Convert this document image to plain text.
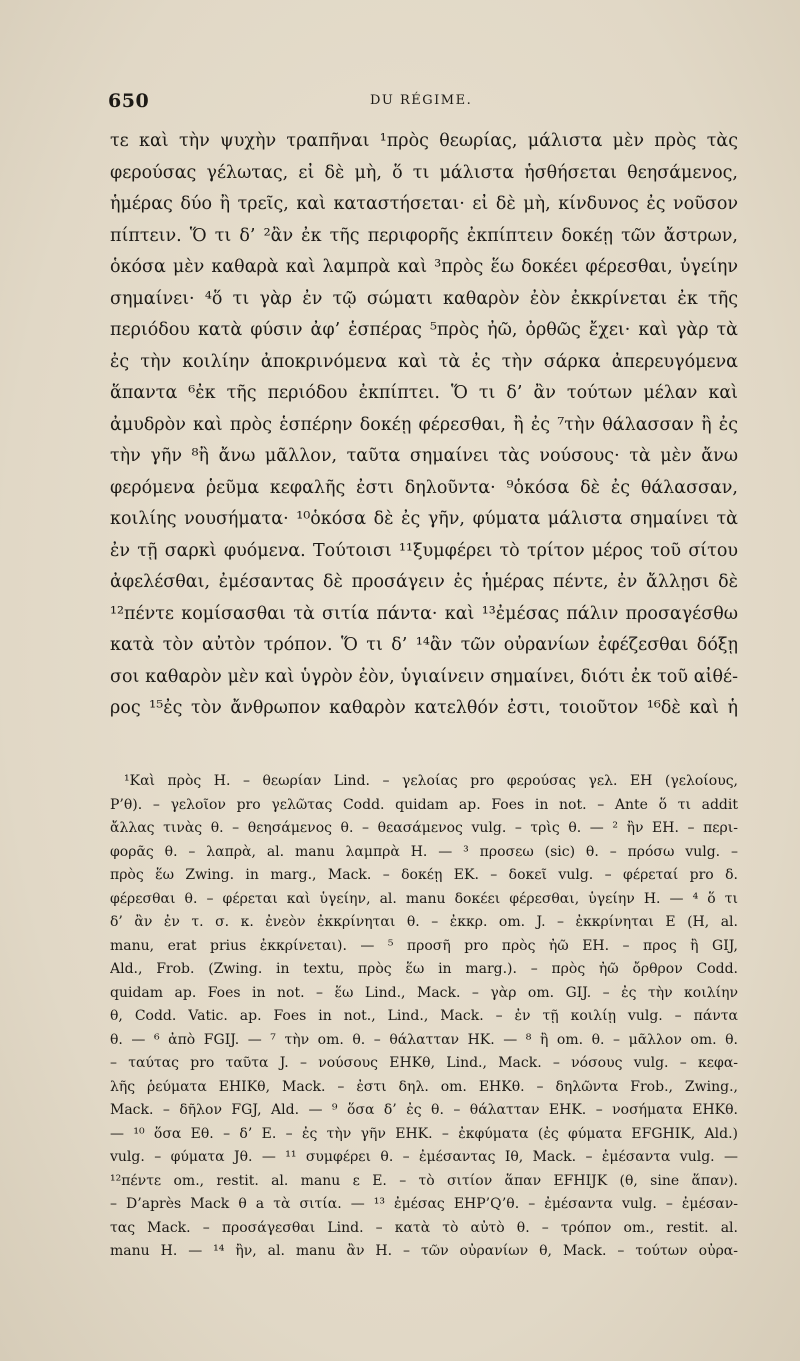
650	DU RÉGIME.
τε καὶ τὴν ψυχὴν τραπῆναι ¹πρὸς θεωρίας, μάλιστα μὲν πρὸς τὰς
φερούσας γέλωτας, εἰ δὲ μὴ, ὅ τι μάλιστα ἡσθήσεται θεησάμενος,
ἡμέρας δύο ἢ τρεῖς, καὶ καταστήσεται· εἰ δὲ μὴ, κίνδυνος ἐς νοῦσον
πίπτειν. Ὅ τι δ’ ²ἂν ἐκ τῆς περιφορῆς ἐκπίπτειν δοκέῃ τῶν ἄστρων,
ὁκόσα μὲν καθαρὰ καὶ λαμπρὰ καὶ ³πρὸς ἕω δοκέει φέρεσθαι, ὑγείην
σημαίνει· ⁴ὅ τι γὰρ ἐν τῷ σώματι καθαρὸν ἐὸν ἐκκρίνεται ἐκ τῆς
περιόδου κατὰ φύσιν ἀφ’ ἑσπέρας ⁵πρὸς ἠῶ, ὀρθῶς ἔχει· καὶ γὰρ τὰ
ἐς τὴν κοιλίην ἀποκρινόμενα καὶ τὰ ἐς τὴν σάρκα ἀπερευγόμενα
ἅπαντα ⁶ἐκ τῆς περιόδου ἐκπίπτει. Ὅ τι δ’ ἂν τούτων μέλαν καὶ
ἀμυδρὸν καὶ πρὸς ἑσπέρην δοκέῃ φέρεσθαι, ἢ ἐς ⁷τὴν θάλασσαν ἢ ἐς
τὴν γῆν ⁸ἢ ἄνω μᾶλλον, ταῦτα σημαίνει τὰς νούσους· τὰ μὲν ἄνω
φερόμενα ῥεῦμα κεφαλῆς ἐστι δηλοῦντα· ⁹ὁκόσα δὲ ἐς θάλασσαν,
κοιλίης νουσήματα· ¹⁰ὁκόσα δὲ ἐς γῆν, φύματα μάλιστα σημαίνει τὰ
ἐν τῇ σαρκὶ φυόμενα. Τούτοισι ¹¹ξυμφέρει τὸ τρίτον μέρος τοῦ σίτου
ἀφελέσθαι, ἐμέσαντας δὲ προσάγειν ἐς ἡμέρας πέντε, ἐν ἄλλῃσι δὲ
¹²πέντε κομίσασθαι τὰ σιτία πάντα· καὶ ¹³ἐμέσας πάλιν προσαγέσθω
κατὰ τὸν αὐτὸν τρόπον. Ὅ τι δ’ ¹⁴ἂν τῶν οὐρανίων ἐφέζεσθαι δόξῃ
σοι καθαρὸν μὲν καὶ ὑγρὸν ἐὸν, ὑγιαίνειν σημαίνει, διότι ἐκ τοῦ αἰθέ-
ρος ¹⁵ἐς τὸν ἄνθρωπον καθαρὸν κατελθόν ἐστι, τοιοῦτον ¹⁶δὲ καὶ ἡ
¹Καὶ πρὸς H. – θεωρίαν Lind. – γελοίας pro φερούσας γελ. EH (γελοίους,
P’θ). – γελοῖον pro γελῶτας Codd. quidam ap. Foes in not. – Ante ὅ τι addit
ἄλλας τινὰς θ. – θεησάμενος θ. – θεασάμενος vulg. – τρὶς θ. — ² ἢν EH. – περι-
φορᾶς θ. – λαπρὰ, al. manu λαμπρὰ H. — ³ προσεω (sic) θ. – πρόσω vulg. –
πρὸς ἕω Zwing. in marg., Mack. – δοκέῃ EK. – δοκεῖ vulg. – φέρεταί pro δ.
φέρεσθαι θ. – φέρεται καὶ ὑγείην, al. manu δοκέει φέρεσθαι, ὑγείην H. — ⁴ ὅ τι
δ’ ἂν ἐν τ. σ. κ. ἐνεὸν ἐκκρίνηται θ. – ἐκκρ. om. J. – ἐκκρίνηται E (H, al.
manu, erat prius ἐκκρίνεται). — ⁵ προσῆ pro πρὸς ἠῶ EH. – προς ἢ GIJ,
Ald., Frob. (Zwing. in textu, πρὸς ἕω in marg.). – πρὸς ἠῶ ὄρθρον Codd.
quidam ap. Foes in not. – ἕω Lind., Mack. – γὰρ om. GIJ. – ἐς τὴν κοιλίην
θ, Codd. Vatic. ap. Foes in not., Lind., Mack. – ἐν τῇ κοιλίῃ vulg. – πάντα
θ. — ⁶ ἀπὸ FGIJ. — ⁷ τὴν om. θ. – θάλατταν HK. — ⁸ ἢ om. θ. – μᾶλλον om. θ.
– ταύτας pro ταῦτα J. – νούσους EHKθ, Lind., Mack. – νόσους vulg. – κεφα-
λῆς ῥεύματα EHIKθ, Mack. – ἐστι δηλ. om. EHKθ. – δηλῶντα Frob., Zwing.,
Mack. – δῆλον FGJ, Ald. — ⁹ ὅσα δ’ ἐς θ. – θάλατταν EHK. – νοσήματα EHKθ.
— ¹⁰ ὅσα Eθ. – δ’ E. – ἐς τὴν γῆν EHK. – ἐκφύματα (ἐς φύματα EFGHIK, Ald.)
vulg. – φύματα Jθ. — ¹¹ συμφέρει θ. – ἐμέσαντας Iθ, Mack. – ἐμέσαντα vulg. —
¹²πέντε om., restit. al. manu ε E. – τὸ σιτίον ἅπαν EFHIJK (θ, sine ἅπαν).
– D’après Mack θ a τὰ σιτία. — ¹³ ἐμέσας EHP’Q’θ. – ἐμέσαντα vulg. – ἐμέσαν-
τας Mack. – προσάγεσθαι Lind. – κατὰ τὸ αὐτὸ θ. – τρόπον om., restit. al.
manu H. — ¹⁴ ἢν, al. manu ἂν H. – τῶν οὐρανίων θ, Mack. – τούτων οὐρα-
